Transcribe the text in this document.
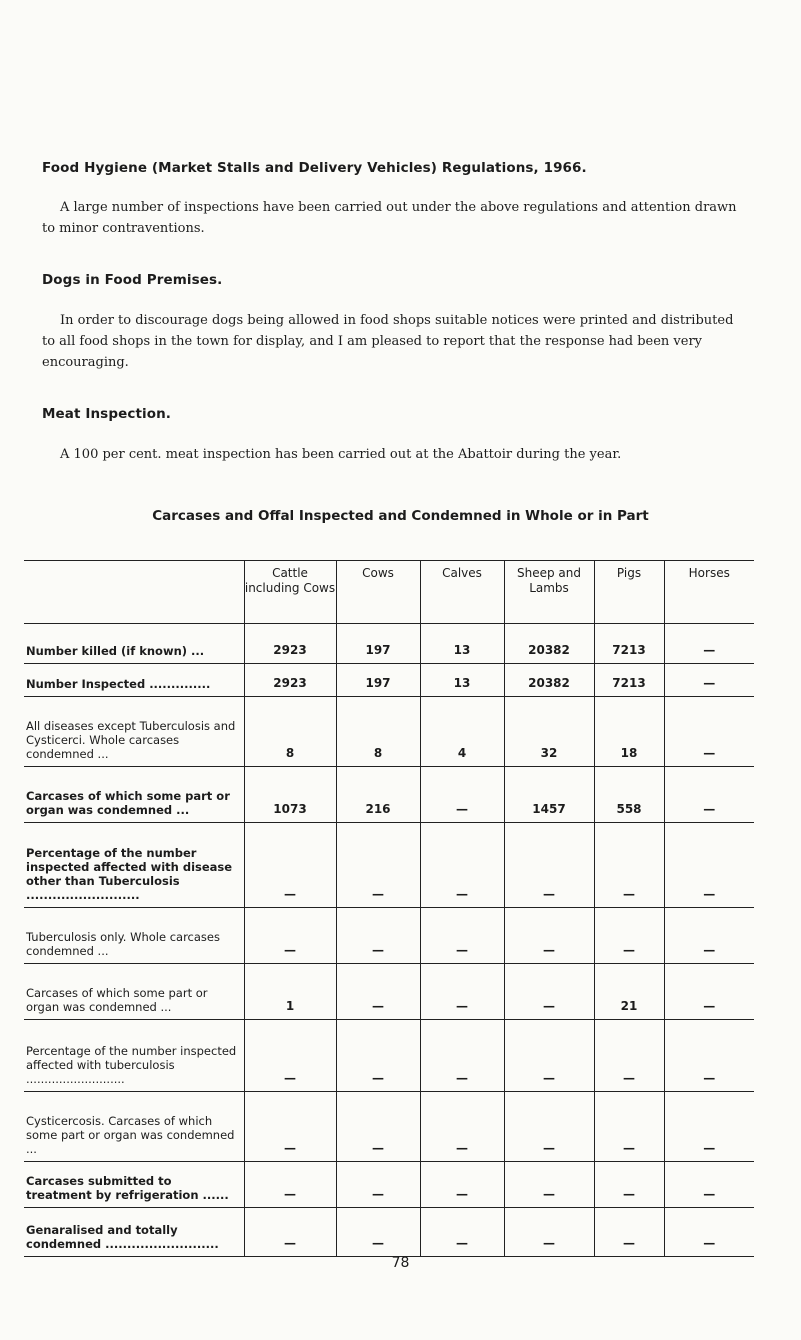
Food Hygiene (Market Stalls and Delivery Vehicles) Regulations, 1966.
A large number of inspections have been carried out under the above regulations and attention drawn to minor contraventions.
Dogs in Food Premises.
In order to discourage dogs being allowed in food shops suitable notices were printed and distributed to all food shops in the town for display, and I am pleased to report that the response had been very encouraging.
Meat Inspection.
A 100 per cent. meat inspection has been carried out at the Abattoir during the year.
Carcases and Offal Inspected and Condemned in Whole or in Part
	Cattle including Cows	Cows	Calves	Sheep and Lambs	Pigs	Horses
Number killed (if known) ...	2923	197	13	20382	7213	—
Number Inspected ..............	2923	197	13	20382	7213	—
All diseases except Tuberculosis and Cysticerci. Whole carcases condemned ...	8	8	4	32	18	—
Carcases of which some part or organ was condemned ...	1073	216	—	1457	558	—
Percentage of the number inspected affected with disease other than Tuberculosis ..........................	—	—	—	—	—	—
Tuberculosis only. Whole carcases condemned ...	—	—	—	—	—	—
Carcases of which some part or organ was condemned ...	1	—	—	—	21	—
Percentage of the number inspected affected with tuberculosis ...........................	—	—	—	—	—	—
Cysticercosis. Carcases of which some part or organ was condemned ...	—	—	—	—	—	—
Carcases submitted to treatment by refrigeration ......	—	—	—	—	—	—
Genaralised and totally condemned ..........................	—	—	—	—	—	—
78
